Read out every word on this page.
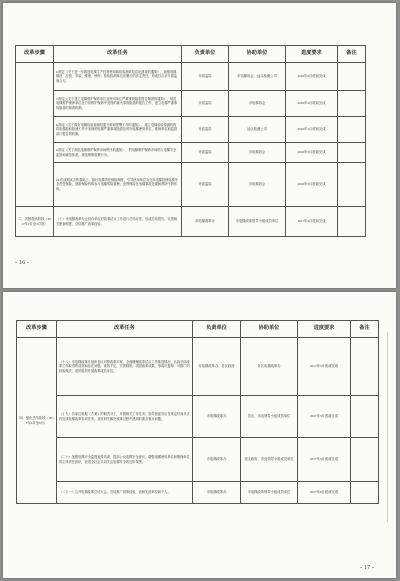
改革步骤	改革任务	负责单位	协助单位	进度要求	备注
	6.制定《关于进一步推进电梯生产经营使用和检验测试信息化建设的通知》，加强电梯制造、经营、安装、维保、使用、检验检测单位应履行的法定责任，形成综合多方面监督合力。	市质监局	市电梯协会、汕头检测公司	2016年3月底前完成	
	7.制定《关于建立电梯维护保养单位及使用单位严重事故隐患报告制度的通知》，规范电梯维护保养单位在日常维护保养中发现的重大事故隐患的报告工作，建立电梯严重事故隐患的排查机制。	市质监局	市电梯协会	2016年3月底前完成	
	8.制定《关于做好电梯检验检测结果分析和预警工作的通知》，建立电梯检验检测机构将电梯检验检测工作中发现的电梯严重事故隐患及时向电梯使用单位、维保单位和监管部门报告的机制。	市质监局	汕头检测公司	2016年3月底前完成	
	9.制定《关于规范电梯维护保养市场秩序的通知》，把电梯维护保养市场纳入电梯安全监管和诚信体系，规范维保收费行为。	市质监局	市电梯协会	2016年3月底前完成	
	10.在前期试点的基础上，推行电梯责任保险制度，引导使用单位为在用电梯投保电梯安全责任保险，鼓励保险机构参与电梯风险管理，发挥保险在电梯事故处置和预防中的作用。	市质监局	市电梯协会	2016年3月底前完成	
二、巩固提高阶段（2017年1月至3月底）	（十）市电梯改革办会同各单位对改革试点工作进行总结评估，形成总结报告，完善相关配套制度，总结推广改革经验。	市电梯改革办	市电梯改革领导小组成员单位	2017年3月底前完成	
- 16 -
改革步骤	改革任务	负责单位	协助单位	进度要求	备注
四、强化总结阶段（2017年4月至6月）	（十八）市电梯改革办组织各区对照改革方案，全面梳理改革试点工作推进情况，认真总结改革工作取得的成效和存在问题，查找不足，完善制度，巩固改革成果，形成可复制、可推广的经验做法，适时组织开展改革成效评估。	市电梯改革办、各区政府	各区电梯改革办	2017年3月底前完成	
	（十九）各单位根据《方案》的职责分工，对照相关工作任务，指导督促各区在规定时间节点内完成电梯改革各项任务，及时研究解决改革过程中遇到的重点难点问题。	市电梯改革办	各区、市直领导小组成员单位	2017年3月底前完成	
	（二十）加强电梯安全监管宣传培训，提高公众电梯安全意识，增强电梯使用单位和维保单位的主体责任意识，营造全社会共同关注电梯安全的良好氛围。	市电梯改革办	各区政府、市直领导小组成员单位	2017年3月底前完成	
	（二十一）召开电梯改革总结大会，总结推广改革经验，表彰先进单位和个人。	市电梯改革办	市电梯改革领导小组成员单位	2017年6月底前完成	
- 17 -
